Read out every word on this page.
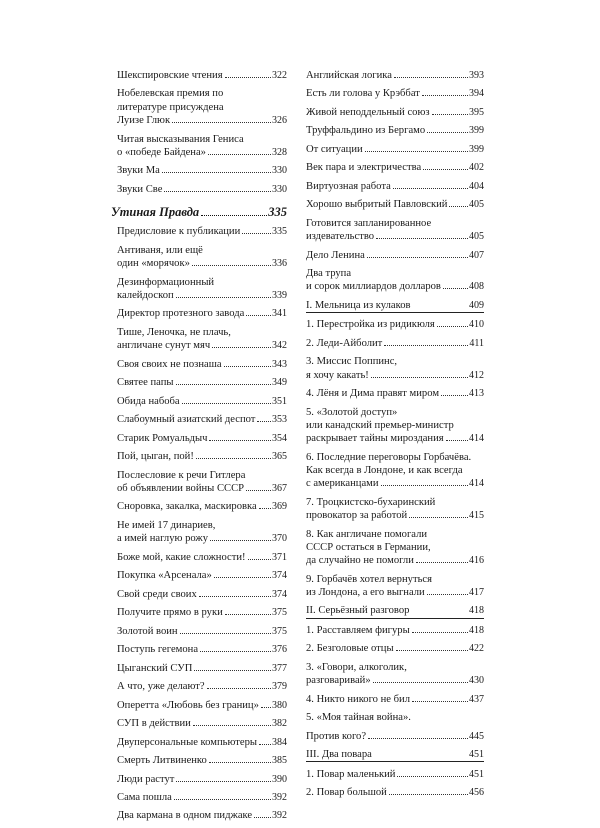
Шекспировские чтения	322
Нобелевская премия по
литературе присуждена
Луизе Глюк	326
Читая высказывания Гениса
о «победе Байдена»	328
Звуки Ма	330
Звуки Све	330
Утиная Правда	335
Предисловие к публикации	335
Антиваня, или ещё
один «морячок»	336
Дезинформационный
калейдоскоп	339
Директор протезного завода	341
Тише, Леночка, не плачь,
англичане сунут мяч	342
Своя своих не познаша	343
Святее папы	349
Обида набоба	351
Слабоумный азиатский деспот 353
Старик Ромуальдыч	354
Пой, цыган, пой!	365
Послесловие к речи Гитлера
об объявлении войны СССР	367
Сноровка, закалка, маскировка 369
Не имей 17 динариев,
а имей наглую рожу	370
Боже мой, какие сложности!	371
Покупка «Арсенала»	374
Свой среди своих	374
Получите прямо в руки	375
Золотой воин	375
Поступь гегемона	376
Цыганский СУП	377
А что, уже делают?	379
Оперетта «Любовь без границ» 380
СУП в действии	382
Двуперсональные компьютеры 384
Смерть Литвиненко	385
Люди растут	390
Сама пошла	392
Два кармана в одном пиджаке 392
Английская логика	393
Есть ли голова у Крэббат	394
Живой неподдельный союз	395
Труффальдино из Бергамо	399
От ситуации	399
Век пара и электричества	402
Виртуозная работа	404
Хорошо выбритый Павловский 405
Готовится запланированное
издевательство	405
Дело Ленина	407
Два трупа
и сорок миллиардов долларов	408
I. Мельница из кулаков	409
1. Перестройка из ридикюля	410
2. Леди-Айболит	411
3. Миссис Поппинс,
я хочу какать!	412
4. Лёня и Дима правят миром	413
5. «Золотой доступ»
или канадский премьер-министр
раскрывает тайны мироздания	414
6. Последние переговоры Горбачёва.
Как всегда в Лондоне, и как всегда
с американцами	414
7. Троцкистско-бухаринский
провокатор за работой	415
8. Как англичане помогали
СССР остаться в Германии,
да случайно не помогли	416
9. Горбачёв хотел вернуться
из Лондона, а его выгнали	417
II. Серьёзный разговор	418
1. Расставляем фигуры	418
2. Безголовые отцы	422
3. «Говори, алкоголик,
разговаривай»	430
4. Никто никого не бил	437
5. «Моя тайная война».
Против кого?	445
III. Два повара	451
1. Повар маленький	451
2. Повар большой	456
